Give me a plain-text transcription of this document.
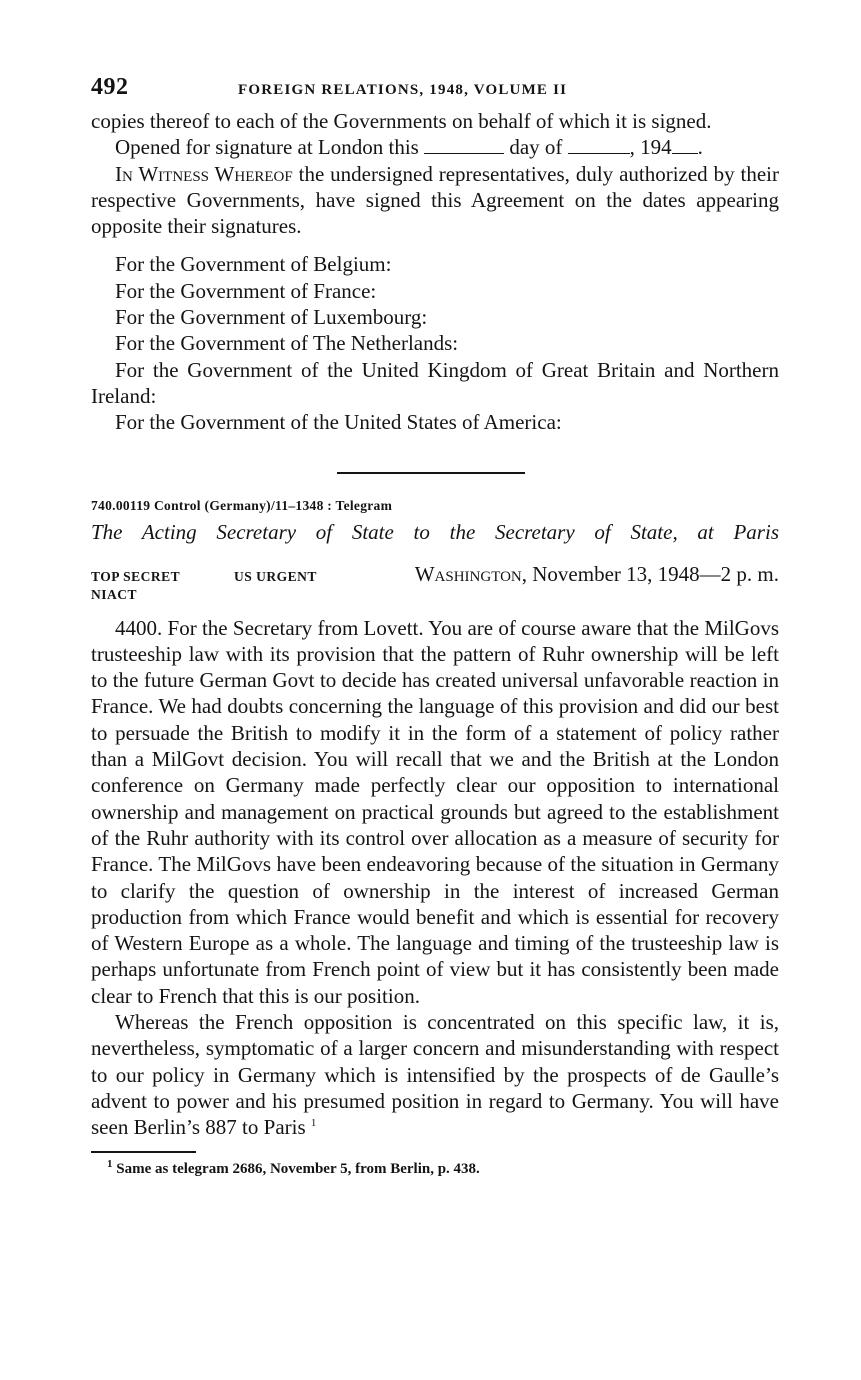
492	FOREIGN RELATIONS, 1948, VOLUME II

copies thereof to each of the Governments on behalf of which it is signed.

Opened for signature at London this	day of	, 194 .

In Witness Whereof the undersigned representatives, duly authorized by their respective Governments, have signed this Agreement on the dates appearing opposite their signatures.

For the Government of Belgium:

For the Government of France:

For the Government of Luxembourg:

For the Government of The Netherlands:

For the Government of the United Kingdom of Great Britain and Northern Ireland:

For the Government of the United States of America:

740.00119 Control (Germany)/11–1348 : Telegram
The Acting Secretary of State to the Secretary of State, at Paris
TOP SECRET	US URGENT	Washington, November 13, 1948—2 p. m.
NIACT

4400. For the Secretary from Lovett. You are of course aware that the MilGovs trusteeship law with its provision that the pattern of Ruhr ownership will be left to the future German Govt to decide has created universal unfavorable reaction in France. We had doubts concerning the language of this provision and did our best to persuade the British to modify it in the form of a statement of policy rather than a MilGovt decision. You will recall that we and the British at the London conference on Germany made perfectly clear our opposition to international ownership and management on practical grounds but agreed to the establishment of the Ruhr authority with its control over allocation as a measure of security for France. The MilGovs have been endeavoring because of the situation in Germany to clarify the question of ownership in the interest of increased German production from which France would benefit and which is essential for recovery of Western Europe as a whole. The language and timing of the trusteeship law is perhaps unfortunate from French point of view but it has consistently been made clear to French that this is our position.

Whereas the French opposition is concentrated on this specific law, it is, nevertheless, symptomatic of a larger concern and misunderstanding with respect to our policy in Germany which is intensified by the prospects of de Gaulle’s advent to power and his presumed position in regard to Germany. You will have seen Berlin’s 887 to Paris $^1$

$^1$ Same as telegram 2686, November 5, from Berlin, p. 438.
